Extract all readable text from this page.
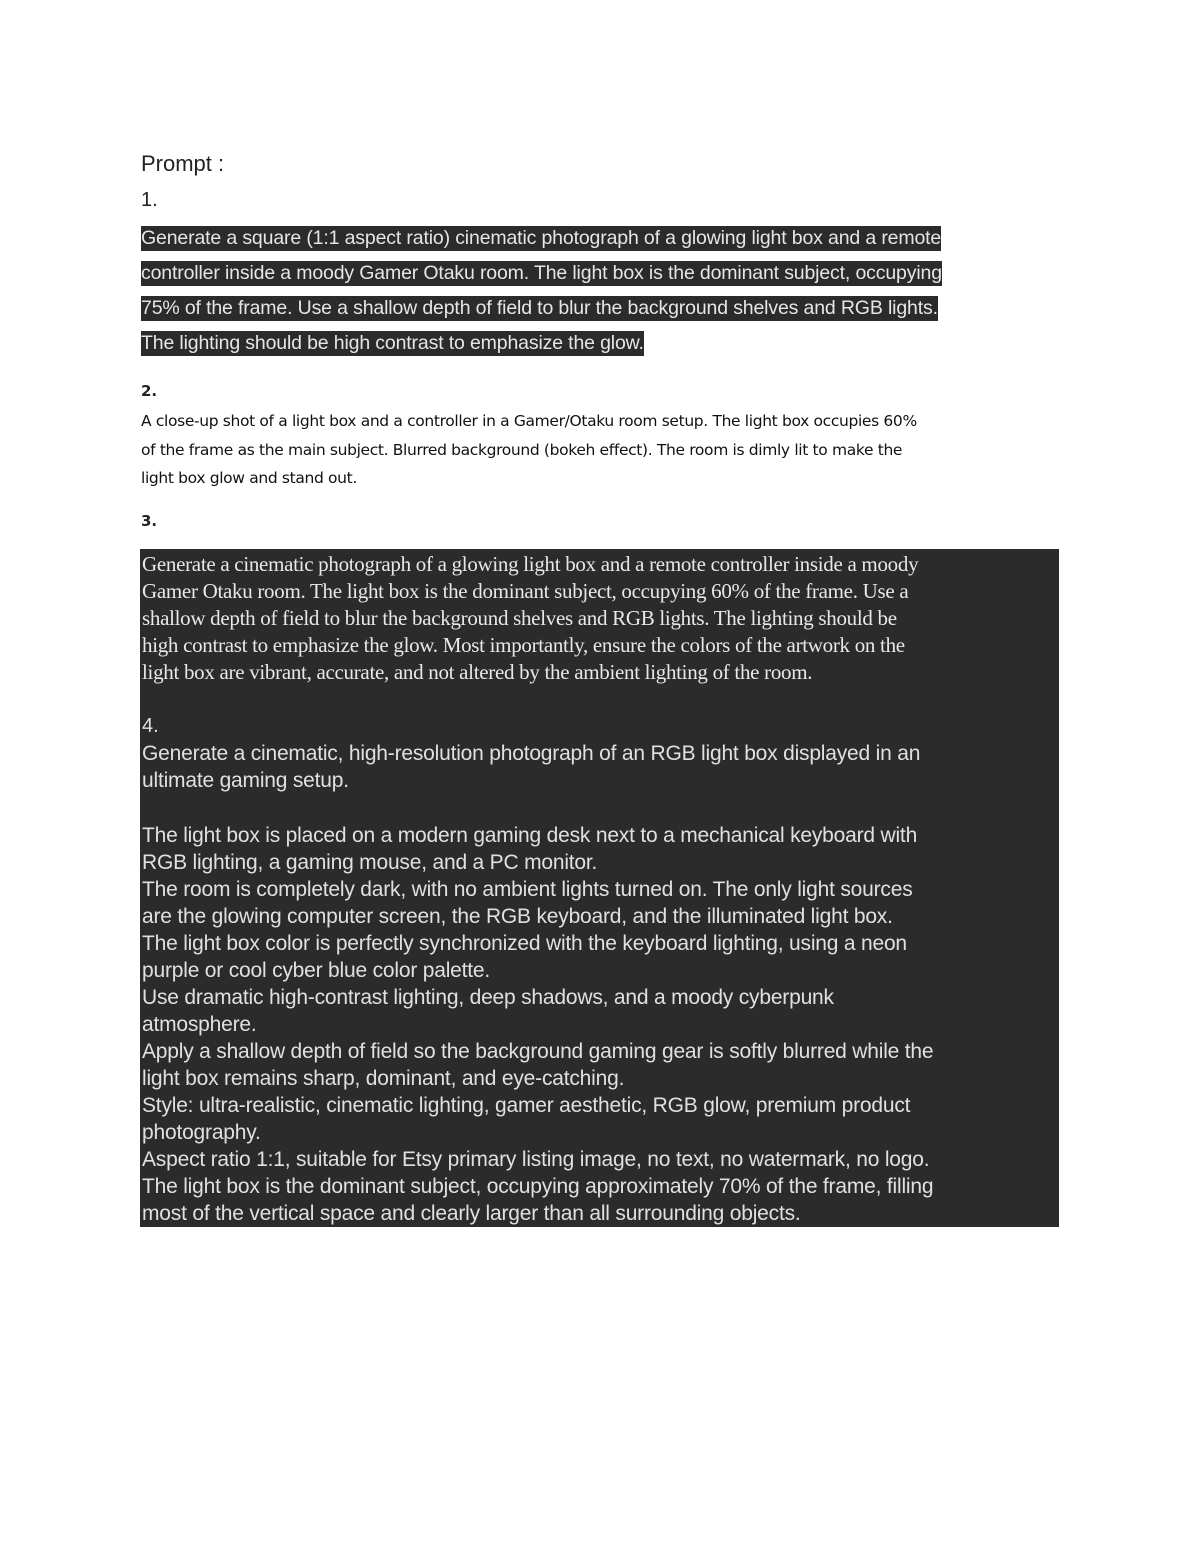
Prompt :
1.
Generate a square (1:1 aspect ratio) cinematic photograph of a glowing light box and a remote
controller inside a moody Gamer Otaku room. The light box is the dominant subject, occupying
75% of the frame. Use a shallow depth of field to blur the background shelves and RGB lights.
The lighting should be high contrast to emphasize the glow.
2.
A close-up shot of a light box and a controller in a Gamer/Otaku room setup. The light box occupies 60%
of the frame as the main subject. Blurred background (bokeh effect). The room is dimly lit to make the
light box glow and stand out.
3.
Generate a cinematic photograph of a glowing light box and a remote controller inside a moody
Gamer Otaku room. The light box is the dominant subject, occupying 60% of the frame. Use a
shallow depth of field to blur the background shelves and RGB lights. The lighting should be
high contrast to emphasize the glow. Most importantly, ensure the colors of the artwork on the
light box are vibrant, accurate, and not altered by the ambient lighting of the room.
4.
Generate a cinematic, high-resolution photograph of an RGB light box displayed in an
ultimate gaming setup.
The light box is placed on a modern gaming desk next to a mechanical keyboard with
RGB lighting, a gaming mouse, and a PC monitor.
The room is completely dark, with no ambient lights turned on. The only light sources
are the glowing computer screen, the RGB keyboard, and the illuminated light box.
The light box color is perfectly synchronized with the keyboard lighting, using a neon
purple or cool cyber blue color palette.
Use dramatic high-contrast lighting, deep shadows, and a moody cyberpunk
atmosphere.
Apply a shallow depth of field so the background gaming gear is softly blurred while the
light box remains sharp, dominant, and eye-catching.
Style: ultra-realistic, cinematic lighting, gamer aesthetic, RGB glow, premium product
photography.
Aspect ratio 1:1, suitable for Etsy primary listing image, no text, no watermark, no logo.
The light box is the dominant subject, occupying approximately 70% of the frame, filling
most of the vertical space and clearly larger than all surrounding objects.
